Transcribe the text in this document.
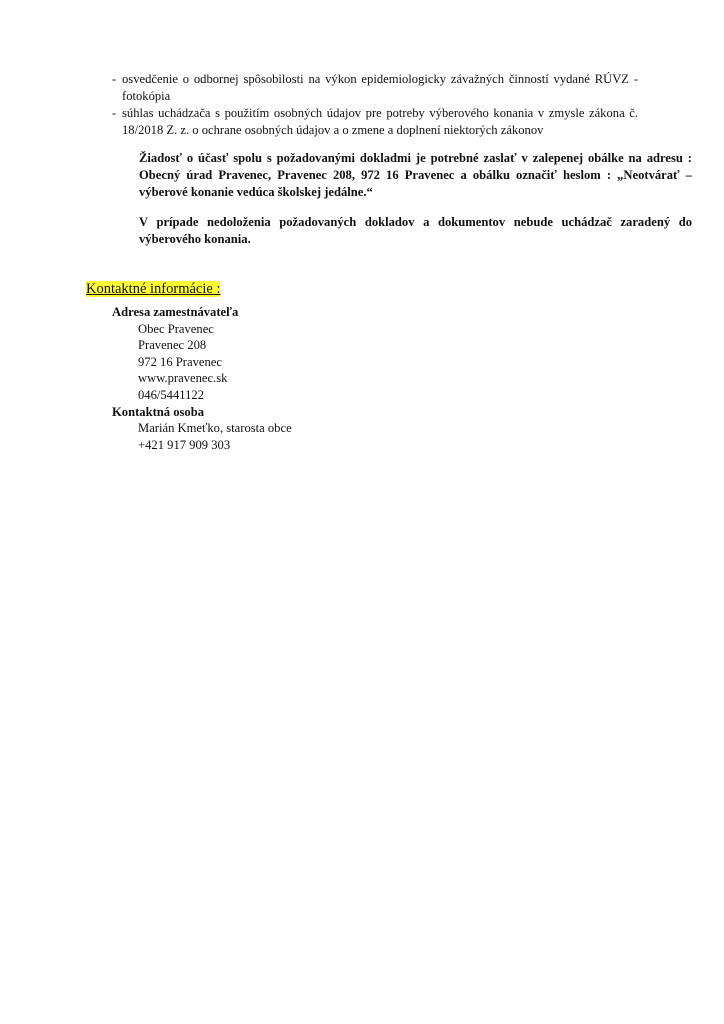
- osvedčenie o odbornej spôsobilosti na výkon epidemiologicky závažných činností vydané RÚVZ - fotokópia
- súhlas uchádzača s použitím osobných údajov pre potreby výberového konania v zmysle zákona č. 18/2018 Z. z. o ochrane osobných údajov a o zmene a doplnení niektorých zákonov
Žiadosť o účasť spolu s požadovanými dokladmi je potrebné zaslať v zalepenej obálke na adresu : Obecný úrad Pravenec, Pravenec 208, 972 16 Pravenec a obálku označiť heslom : „Neotvárať – výberové konanie vedúca školskej jedálne.“
V prípade nedoloženia požadovaných dokladov a dokumentov nebude uchádzač zaradený do výberového konania.
Kontaktné informácie :
Adresa zamestnávateľa
Obec Pravenec
Pravenec 208
972 16 Pravenec
www.pravenec.sk
046/5441122
Kontaktná osoba
Marián Kmeťko, starosta obce
+421 917 909 303
